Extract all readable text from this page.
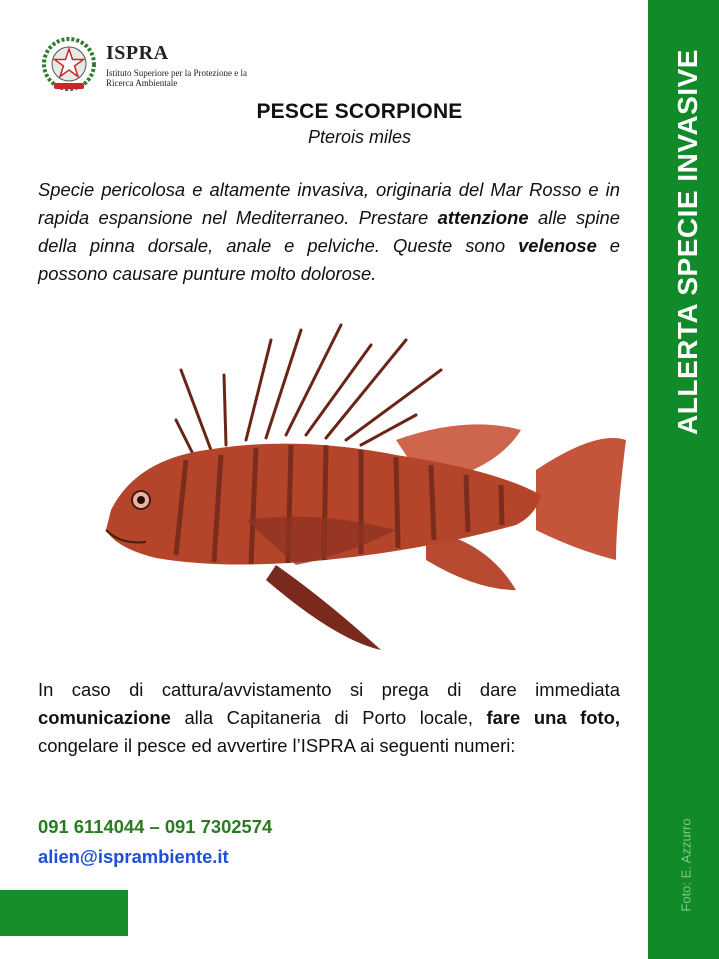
ISPRA
Istituto Superiore per la Protezione e la Ricerca Ambientale
PESCE SCORPIONE
Pterois miles
Specie pericolosa e altamente invasiva, originaria del Mar Rosso e in rapida espansione nel Mediterraneo. Prestare attenzione alle spine della pinna dorsale, anale e pelviche. Queste sono velenose e possono causare punture molto dolorose.
In caso di cattura/avvistamento si prega di dare immediata comunicazione alla Capitaneria di Porto locale, fare una foto, congelare il pesce ed avvertire l’ISPRA ai seguenti numeri:
091 6114044 – 091 7302574
alien@isprambiente.it
ALLERTA SPECIE INVASIVE
Foto: E. Azzurro
